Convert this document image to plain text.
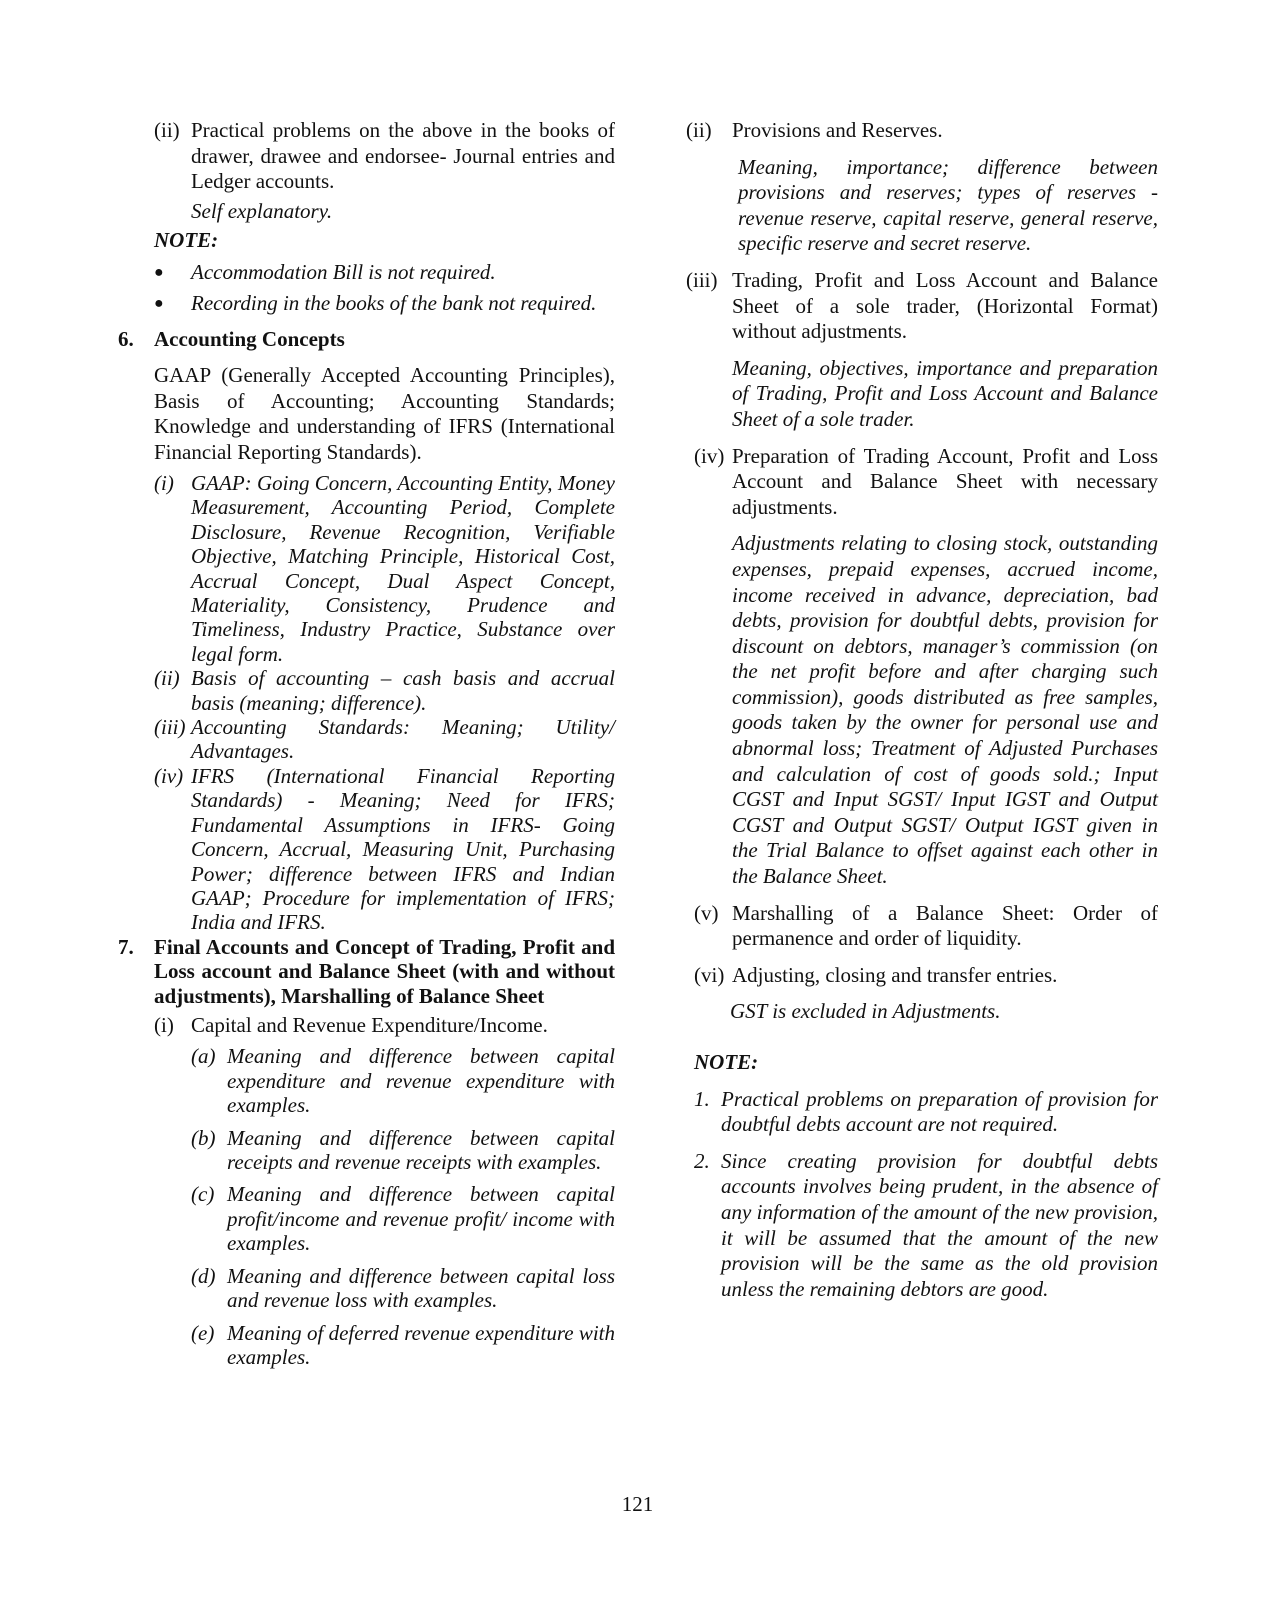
(ii) Practical problems on the above in the books of drawer, drawee and endorsee- Journal entries and Ledger accounts.
Self explanatory.
NOTE:
●	Accommodation Bill is not required.
●	Recording in the books of the bank not required.
6. Accounting Concepts
GAAP (Generally Accepted Accounting Principles), Basis of Accounting; Accounting Standards; Knowledge and understanding of IFRS (International Financial Reporting Standards).
(i) GAAP: Going Concern, Accounting Entity, Money Measurement, Accounting Period, Complete Disclosure, Revenue Recognition, Verifiable Objective, Matching Principle, Historical Cost, Accrual Concept, Dual Aspect Concept, Materiality, Consistency, Prudence and Timeliness, Industry Practice, Substance over legal form.
(ii) Basis of accounting – cash basis and accrual basis (meaning; difference).
(iii) Accounting Standards: Meaning; Utility/ Advantages.
(iv) IFRS (International Financial Reporting Standards) - Meaning; Need for IFRS; Fundamental Assumptions in IFRS- Going Concern, Accrual, Measuring Unit, Purchasing Power; difference between IFRS and Indian GAAP; Procedure for implementation of IFRS; India and IFRS.
7. Final Accounts and Concept of Trading, Profit and Loss account and Balance Sheet (with and without adjustments), Marshalling of Balance Sheet
(i) Capital and Revenue Expenditure/Income.
(a) Meaning and difference between capital expenditure and revenue expenditure with examples.
(b) Meaning and difference between capital receipts and revenue receipts with examples.
(c) Meaning and difference between capital profit/income and revenue profit/ income with examples.
(d) Meaning and difference between capital loss and revenue loss with examples.
(e) Meaning of deferred revenue expenditure with examples.
(ii) Provisions and Reserves.
Meaning, importance; difference between provisions and reserves; types of reserves - revenue reserve, capital reserve, general reserve, specific reserve and secret reserve.
(iii) Trading, Profit and Loss Account and Balance Sheet of a sole trader, (Horizontal Format) without adjustments.
Meaning, objectives, importance and preparation of Trading, Profit and Loss Account and Balance Sheet of a sole trader.
(iv) Preparation of Trading Account, Profit and Loss Account and Balance Sheet with necessary adjustments.
Adjustments relating to closing stock, outstanding expenses, prepaid expenses, accrued income, income received in advance, depreciation, bad debts, provision for doubtful debts, provision for discount on debtors, manager’s commission (on the net profit before and after charging such commission), goods distributed as free samples, goods taken by the owner for personal use and abnormal loss; Treatment of Adjusted Purchases and calculation of cost of goods sold.; Input CGST and Input SGST/ Input IGST and Output CGST and Output SGST/ Output IGST given in the Trial Balance to offset against each other in the Balance Sheet.
(v) Marshalling of a Balance Sheet: Order of permanence and order of liquidity.
(vi) Adjusting, closing and transfer entries.
GST is excluded in Adjustments.
NOTE:
1. Practical problems on preparation of provision for doubtful debts account are not required.
2. Since creating provision for doubtful debts accounts involves being prudent, in the absence of any information of the amount of the new provision, it will be assumed that the amount of the new provision will be the same as the old provision unless the remaining debtors are good.
121
